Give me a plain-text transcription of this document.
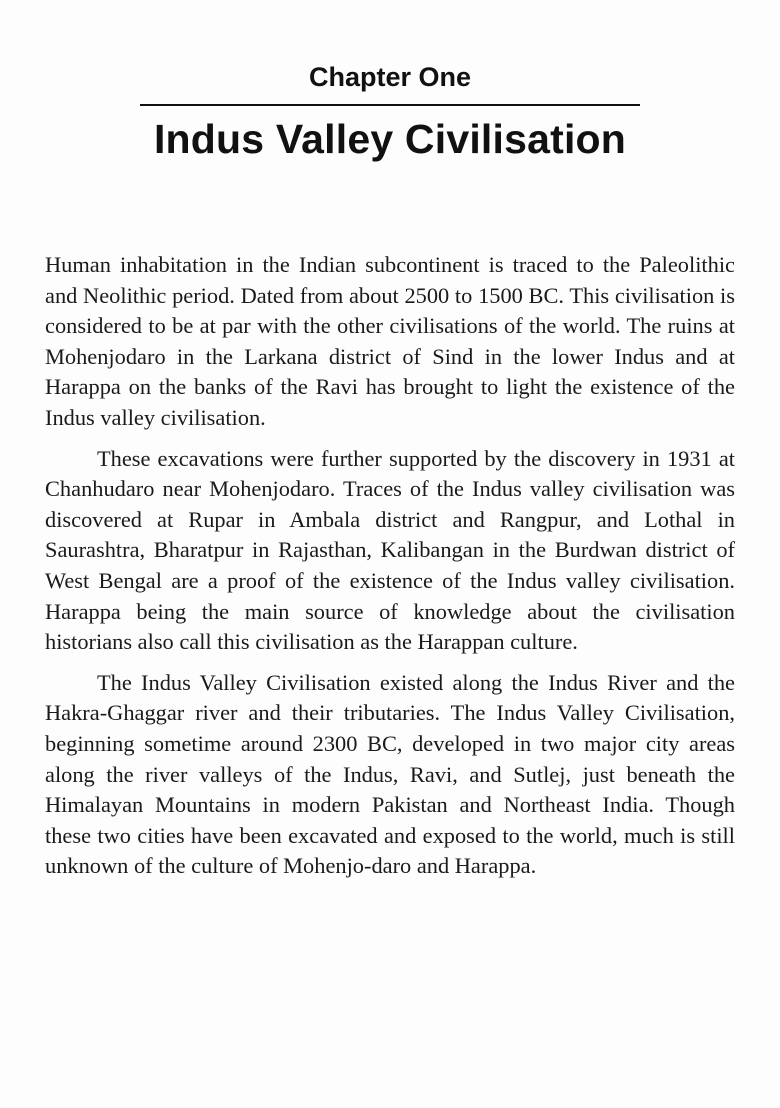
Chapter One
Indus Valley Civilisation

Human inhabitation in the Indian subcontinent is traced to the Paleolithic and Neolithic period. Dated from about 2500 to 1500 BC. This civilisation is considered to be at par with the other civilisations of the world. The ruins at Mohenjodaro in the Larkana district of Sind in the lower Indus and at Harappa on the banks of the Ravi has brought to light the existence of the Indus valley civilisation.

These excavations were further supported by the discovery in 1931 at Chanhudaro near Mohenjodaro. Traces of the Indus valley civilisation was discovered at Rupar in Ambala district and Rangpur, and Lothal in Saurashtra, Bharatpur in Rajasthan, Kalibangan in the Burdwan district of West Bengal are a proof of the existence of the Indus valley civilisation. Harappa being the main source of knowledge about the civilisation historians also call this civilisation as the Harappan culture.

The Indus Valley Civilisation existed along the Indus River and the Hakra-Ghaggar river and their tributaries. The Indus Valley Civilisation, beginning sometime around 2300 BC, developed in two major city areas along the river valleys of the Indus, Ravi, and Sutlej, just beneath the Himalayan Mountains in modern Pakistan and Northeast India. Though these two cities have been excavated and exposed to the world, much is still unknown of the culture of Mohenjo-daro and Harappa.
